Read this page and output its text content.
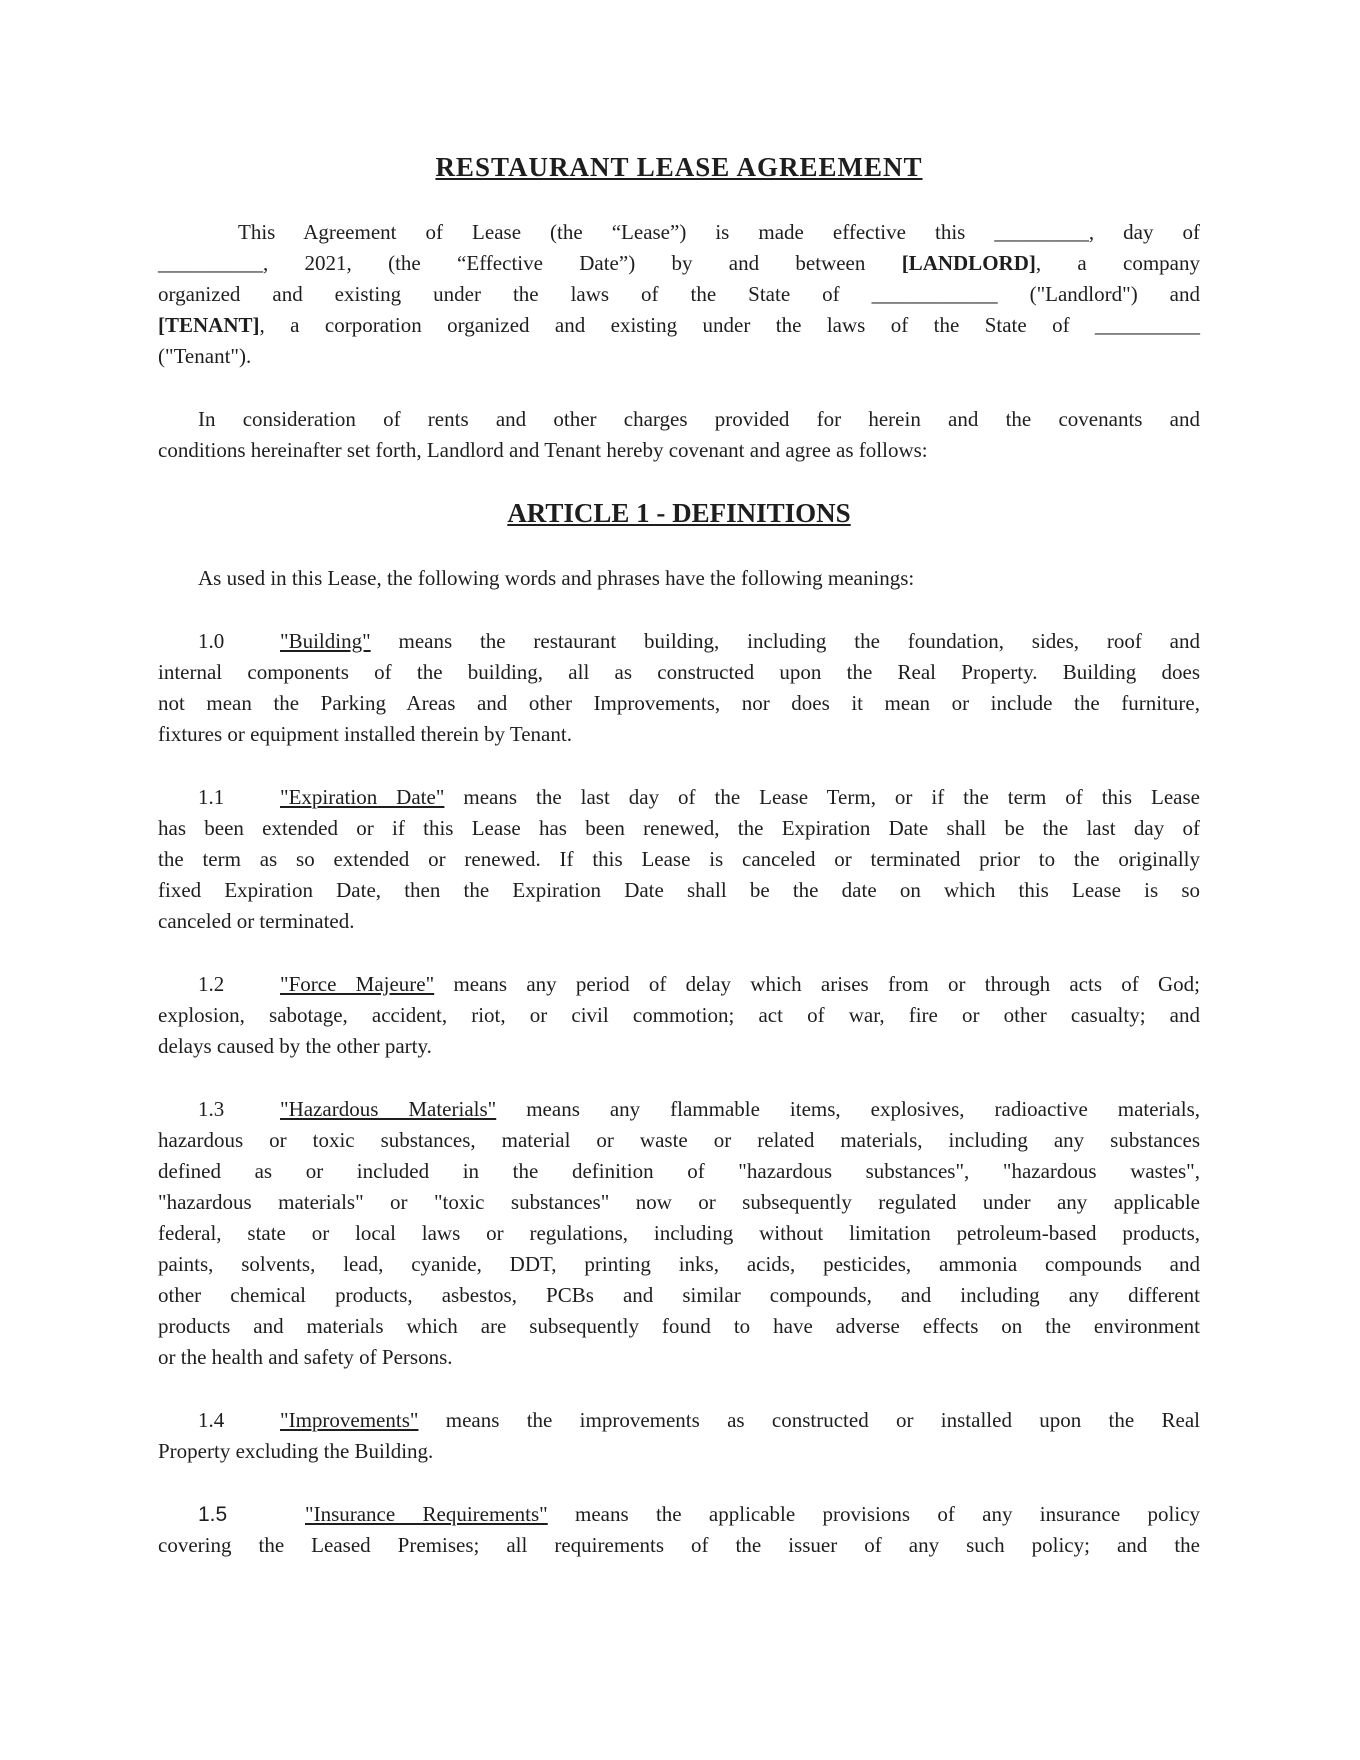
RESTAURANT LEASE AGREEMENT
This Agreement of Lease (the “Lease”) is made effective this _________, day of
__________, 2021, (the “Effective Date”) by and between [LANDLORD], a company
organized and existing under the laws of the State of ____________ ("Landlord") and
[TENANT], a corporation organized and existing under the laws of the State of __________
("Tenant").
In consideration of rents and other charges provided for herein and the covenants and
conditions hereinafter set forth, Landlord and Tenant hereby covenant and agree as follows:
ARTICLE 1 - DEFINITIONS
As used in this Lease, the following words and phrases have the following meanings:
1.0	"Building" means the restaurant building, including the foundation, sides, roof and
internal components of the building, all as constructed upon the Real Property. Building does
not mean the Parking Areas and other Improvements, nor does it mean or include the furniture,
fixtures or equipment installed therein by Tenant.
1.1	"Expiration Date" means the last day of the Lease Term, or if the term of this Lease
has been extended or if this Lease has been renewed, the Expiration Date shall be the last day of
the term as so extended or renewed. If this Lease is canceled or terminated prior to the originally
fixed Expiration Date, then the Expiration Date shall be the date on which this Lease is so
canceled or terminated.
1.2	"Force Majeure" means any period of delay which arises from or through acts of God;
explosion, sabotage, accident, riot, or civil commotion; act of war, fire or other casualty; and
delays caused by the other party.
1.3	"Hazardous Materials" means any flammable items, explosives, radioactive materials,
hazardous or toxic substances, material or waste or related materials, including any substances
defined as or included in the definition of "hazardous substances", "hazardous wastes",
"hazardous materials" or "toxic substances" now or subsequently regulated under any applicable
federal, state or local laws or regulations, including without limitation petroleum-based products,
paints, solvents, lead, cyanide, DDT, printing inks, acids, pesticides, ammonia compounds and
other chemical products, asbestos, PCBs and similar compounds, and including any different
products and materials which are subsequently found to have adverse effects on the environment
or the health and safety of Persons.
1.4	"Improvements" means the improvements as constructed or installed upon the Real
Property excluding the Building.
1.5	"Insurance Requirements" means the applicable provisions of any insurance policy
covering the Leased Premises; all requirements of the issuer of any such policy; and the
